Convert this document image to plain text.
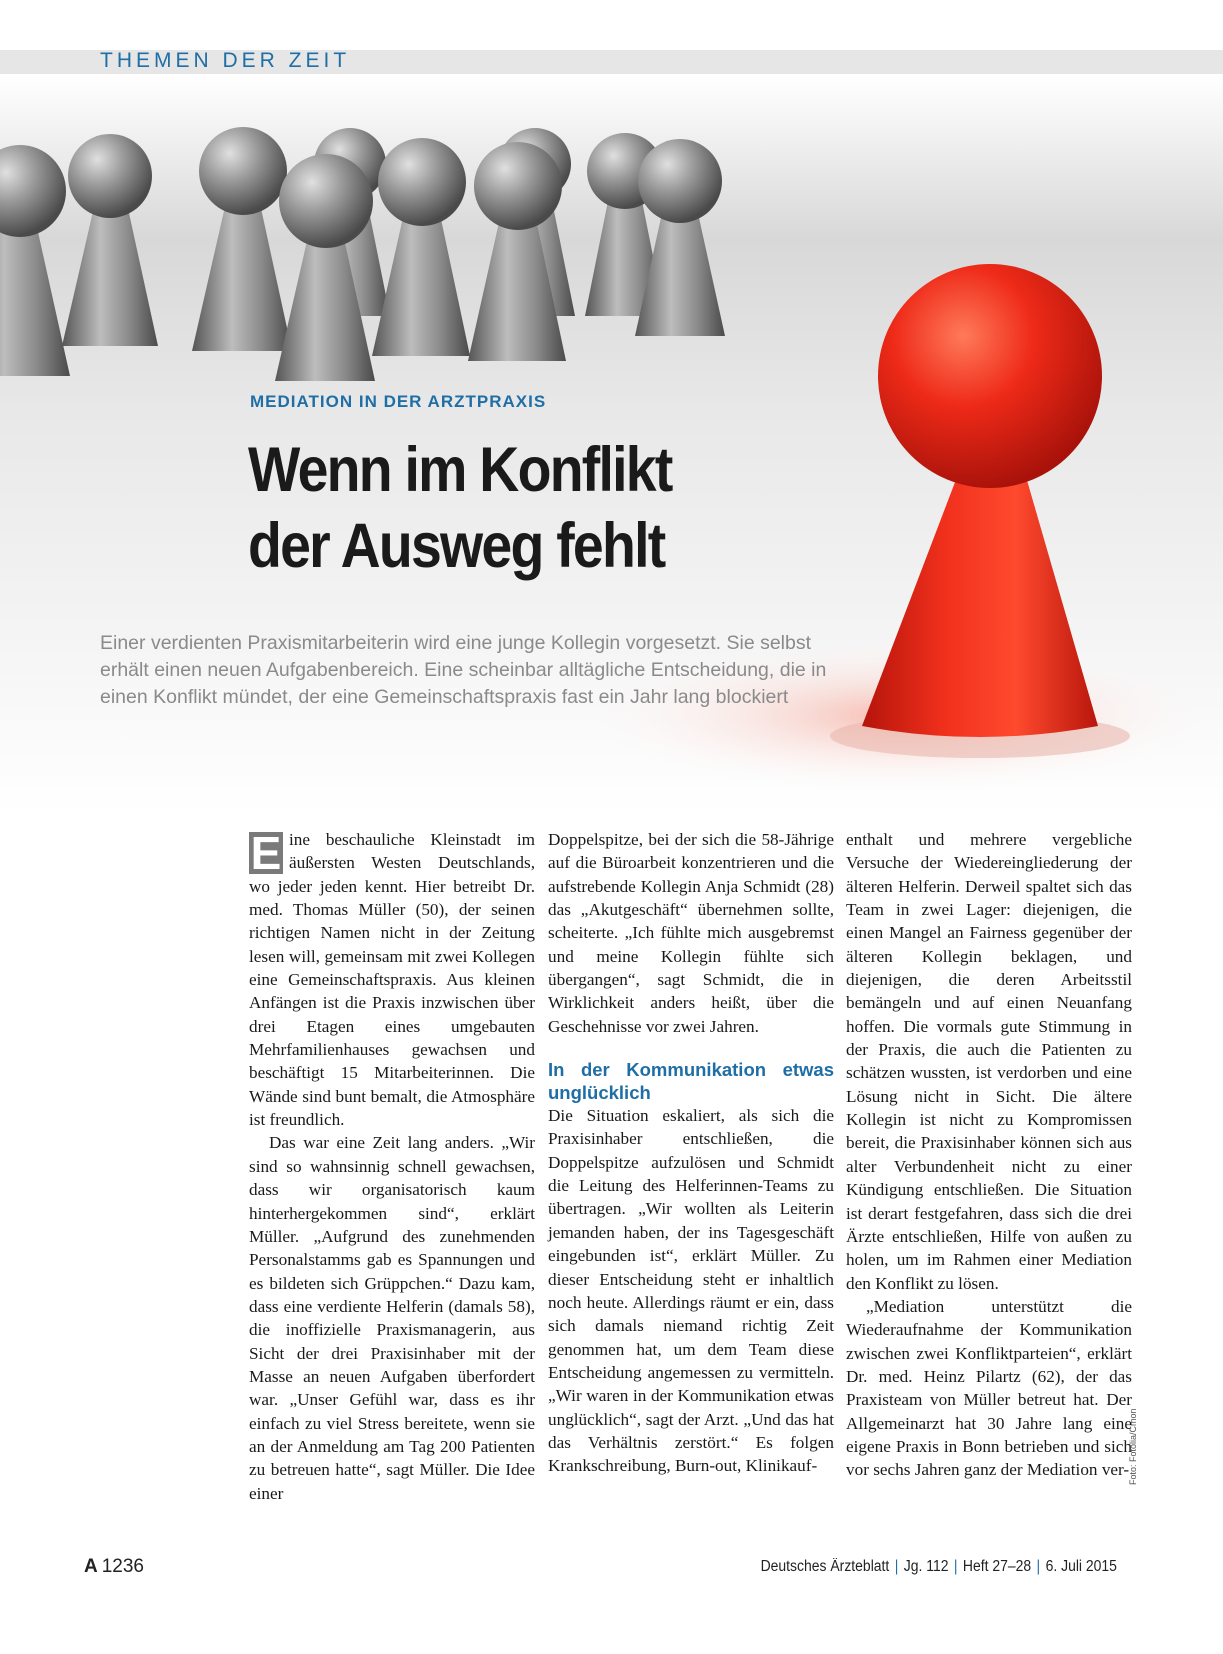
THEMEN DER ZEIT
MEDIATION IN DER ARZTPRAXIS
Wenn im Konflikt
der Ausweg fehlt
Einer verdienten Praxismitarbeiterin wird eine junge Kollegin vorgesetzt. Sie selbst erhält einen neuen Aufgabenbereich. Eine scheinbar alltägliche Entscheidung, die in einen Konflikt mündet, der eine Gemeinschaftspraxis fast ein Jahr lang blockiert

E ine beschauliche Kleinstadt im äußersten Westen Deutschlands, wo jeder jeden kennt. Hier betreibt Dr. med. Thomas Müller (50), der seinen richtigen Namen nicht in der Zeitung lesen will, gemeinsam mit zwei Kollegen eine Gemeinschaftspraxis. Aus kleinen Anfängen ist die Praxis inzwischen über drei Etagen eines umgebauten Mehrfamilienhauses gewachsen und beschäftigt 15 Mitarbeiterinnen. Die Wände sind bunt bemalt, die Atmosphäre ist freundlich.

Das war eine Zeit lang anders. „Wir sind so wahnsinnig schnell gewachsen, dass wir organisatorisch kaum hinterhergekommen sind“, erklärt Müller. „Aufgrund des zunehmenden Personalstamms gab es Spannungen und es bildeten sich Grüppchen.“ Dazu kam, dass eine verdiente Helferin (damals 58), die inoffizielle Praxismanagerin, aus Sicht der drei Praxisinhaber mit der Masse an neuen Aufgaben überfordert war. „Unser Gefühl war, dass es ihr einfach zu viel Stress bereitete, wenn sie an der Anmeldung am Tag 200 Patienten zu betreuen hatte“, sagt Müller. Die Idee einer

Doppelspitze, bei der sich die 58-Jährige auf die Büroarbeit konzentrieren und die aufstrebende Kollegin Anja Schmidt (28) das „Akutgeschäft“ übernehmen sollte, scheiterte. „Ich fühlte mich ausgebremst und meine Kollegin fühlte sich übergangen“, sagt Schmidt, die in Wirklichkeit anders heißt, über die Geschehnisse vor zwei Jahren.

In der Kommunikation etwas unglücklich

Die Situation eskaliert, als sich die Praxisinhaber entschließen, die Doppelspitze aufzulösen und Schmidt die Leitung des Helferinnen-Teams zu übertragen. „Wir wollten als Leiterin jemanden haben, der ins Tagesgeschäft eingebunden ist“, erklärt Müller. Zu dieser Entscheidung steht er inhaltlich noch heute. Allerdings räumt er ein, dass sich damals niemand richtig Zeit genommen hat, um dem Team diese Entscheidung angemessen zu vermitteln. „Wir waren in der Kommunikation etwas unglücklich“, sagt der Arzt. „Und das hat das Verhältnis zerstört.“ Es folgen Krankschreibung, Burn-out, Klinikauf-

enthalt und mehrere vergebliche Versuche der Wiedereingliederung der älteren Helferin. Derweil spaltet sich das Team in zwei Lager: diejenigen, die einen Mangel an Fairness gegenüber der älteren Kollegin beklagen, und diejenigen, die deren Arbeitsstil bemängeln und auf einen Neuanfang hoffen. Die vormals gute Stimmung in der Praxis, die auch die Patienten zu schätzen wussten, ist verdorben und eine Lösung nicht in Sicht. Die ältere Kollegin ist nicht zu Kompromissen bereit, die Praxisinhaber können sich aus alter Verbundenheit nicht zu einer Kündigung entschließen. Die Situation ist derart festgefahren, dass sich die drei Ärzte entschließen, Hilfe von außen zu holen, um im Rahmen einer Mediation den Konflikt zu lösen.

„Mediation unterstützt die Wiederaufnahme der Kommunikation zwischen zwei Konfliktparteien“, erklärt Dr. med. Heinz Pilartz (62), der das Praxisteam von Müller betreut hat. Der Allgemeinarzt hat 30 Jahre lang eine eigene Praxis in Bonn betrieben und sich vor sechs Jahren ganz der Mediation ver-

Foto: Fotolia/Cmon
A 1236	Deutsches Ärzteblatt | Jg. 112 | Heft 27–28 | 6. Juli 2015
